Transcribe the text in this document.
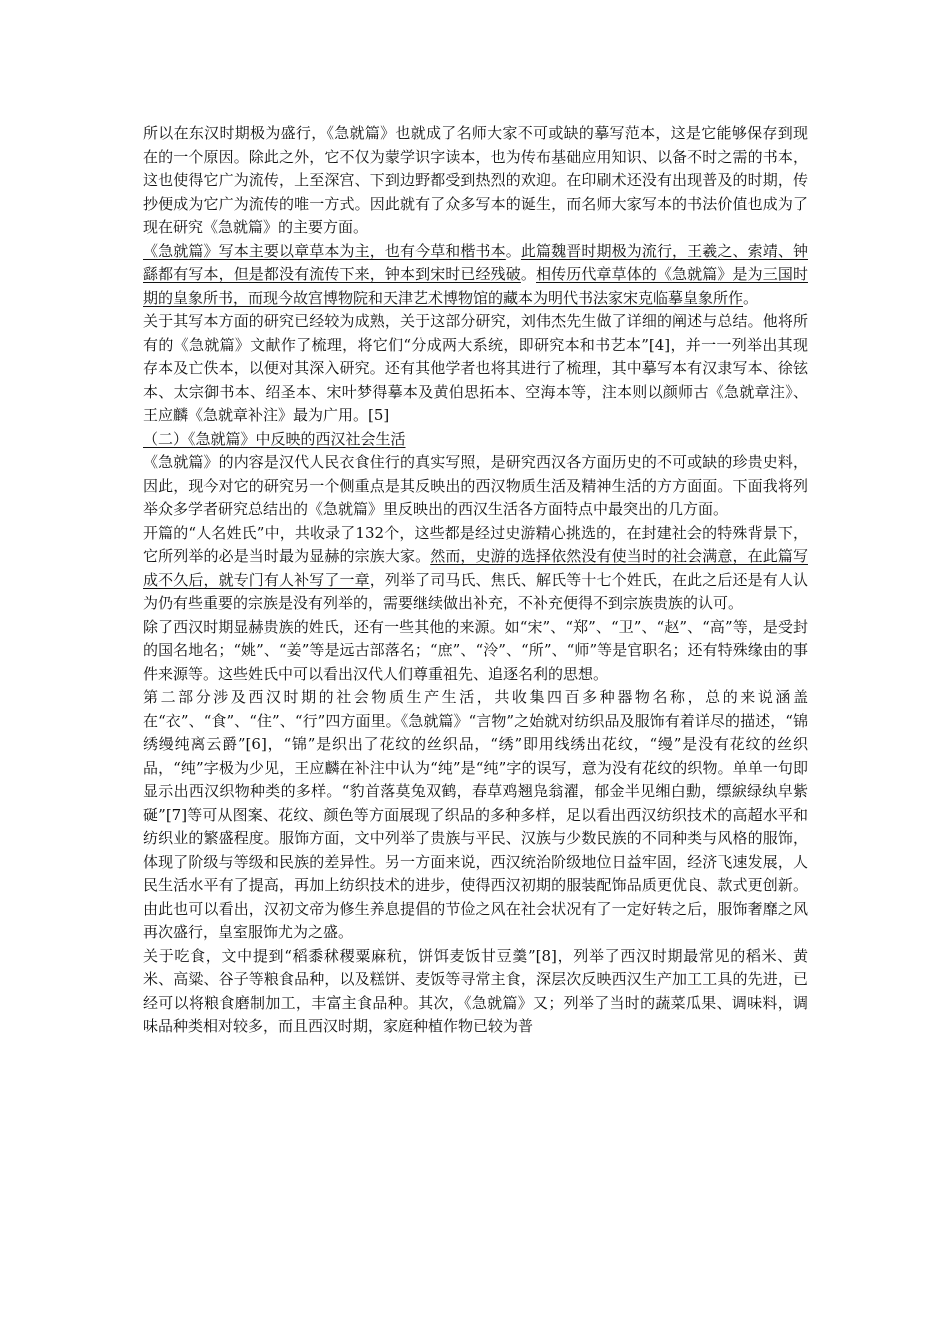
所以在东汉时期极为盛行，《急就篇》也就成了名师大家不可或缺的摹写范本，这是它能够保存到现在的一个原因。除此之外，它不仅为蒙学识字读本，也为传布基础应用知识、以备不时之需的书本，这也使得它广为流传，上至深宫、下到边野都受到热烈的欢迎。在印刷术还没有出现普及的时期，传抄便成为它广为流传的唯一方式。因此就有了众多写本的诞生，而名师大家写本的书法价值也成为了现在研究《急就篇》的主要方面。

《急就篇》写本主要以章草本为主，也有今草和楷书本。此篇魏晋时期极为流行，王羲之、索靖、钟繇都有写本，但是都没有流传下来，钟本到宋时已经残破。相传历代章草体的《急就篇》是为三国时期的皇象所书，而现今故宫博物院和天津艺术博物馆的藏本为明代书法家宋克临摹皇象所作。

关于其写本方面的研究已经较为成熟，关于这部分研究，刘伟杰先生做了详细的阐述与总结。他将所有的《急就篇》文献作了梳理，将它们“分成两大系统，即研究本和书艺本”[4]，并一一列举出其现存本及亡佚本，以便对其深入研究。还有其他学者也将其进行了梳理，其中摹写本有汉隶写本、徐铉本、太宗御书本、绍圣本、宋叶梦得摹本及黄伯思拓本、空海本等，注本则以颜师古《急就章注》、王应麟《急就章补注》最为广用。[5]

（二）《急就篇》中反映的西汉社会生活

《急就篇》的内容是汉代人民衣食住行的真实写照，是研究西汉各方面历史的不可或缺的珍贵史料，因此，现今对它的研究另一个侧重点是其反映出的西汉物质生活及精神生活的方方面面。下面我将列举众多学者研究总结出的《急就篇》里反映出的西汉生活各方面特点中最突出的几方面。

开篇的“人名姓氏”中，共收录了132个，这些都是经过史游精心挑选的，在封建社会的特殊背景下，它所列举的必是当时最为显赫的宗族大家。然而，史游的选择依然没有使当时的社会满意，在此篇写成不久后，就专门有人补写了一章，列举了司马氏、焦氏、解氏等十七个姓氏，在此之后还是有人认为仍有些重要的宗族是没有列举的，需要继续做出补充，不补充便得不到宗族贵族的认可。

除了西汉时期显赫贵族的姓氏，还有一些其他的来源。如“宋”、“郑”、“卫”、“赵”、“高”等，是受封的国名地名；“姚”、“姜”等是远古部落名；“庶”、“泠”、“所”、“师”等是官职名；还有特殊缘由的事件来源等。这些姓氏中可以看出汉代人们尊重祖先、追逐名利的思想。

第二部分涉及西汉时期的社会物质生产生活，共收集四百多种器物名称，总的来说涵盖在“衣”、“食”、“住”、“行”四方面里。《急就篇》“言物”之始就对纺织品及服饰有着详尽的描述，“锦绣缦纯离云爵”[6]，“锦”是织出了花纹的丝织品，“绣”即用线绣出花纹，“缦”是没有花纹的丝织品，“纯”字极为少见，王应麟在补注中认为“纯”是“纯”字的误写，意为没有花纹的织物。单单一句即显示出西汉织物种类的多样。“豹首落莫兔双鹤，春草鸡翘凫翁濯，郁金半见缃白勳，缥綟绿纨皁紫硟”[7]等可从图案、花纹、颜色等方面展现了织品的多种多样，足以看出西汉纺织技术的高超水平和纺织业的繁盛程度。服饰方面，文中列举了贵族与平民、汉族与少数民族的不同种类与风格的服饰，体现了阶级与等级和民族的差异性。另一方面来说，西汉统治阶级地位日益牢固，经济飞速发展，人民生活水平有了提高，再加上纺织技术的进步，使得西汉初期的服装配饰品质更优良、款式更创新。由此也可以看出，汉初文帝为修生养息提倡的节俭之风在社会状况有了一定好转之后，服饰奢靡之风再次盛行，皇室服饰尤为之盛。

关于吃食，文中提到“稻黍秫稷粟麻秔，饼饵麦饭甘豆羹”[8]，列举了西汉时期最常见的稻米、黄米、高粱、谷子等粮食品种，以及糕饼、麦饭等寻常主食，深层次反映西汉生产加工工具的先进，已经可以将粮食磨制加工，丰富主食品种。其次，《急就篇》又；列举了当时的蔬菜瓜果、调味料，调味品种类相对较多，而且西汉时期，家庭种植作物已较为普
